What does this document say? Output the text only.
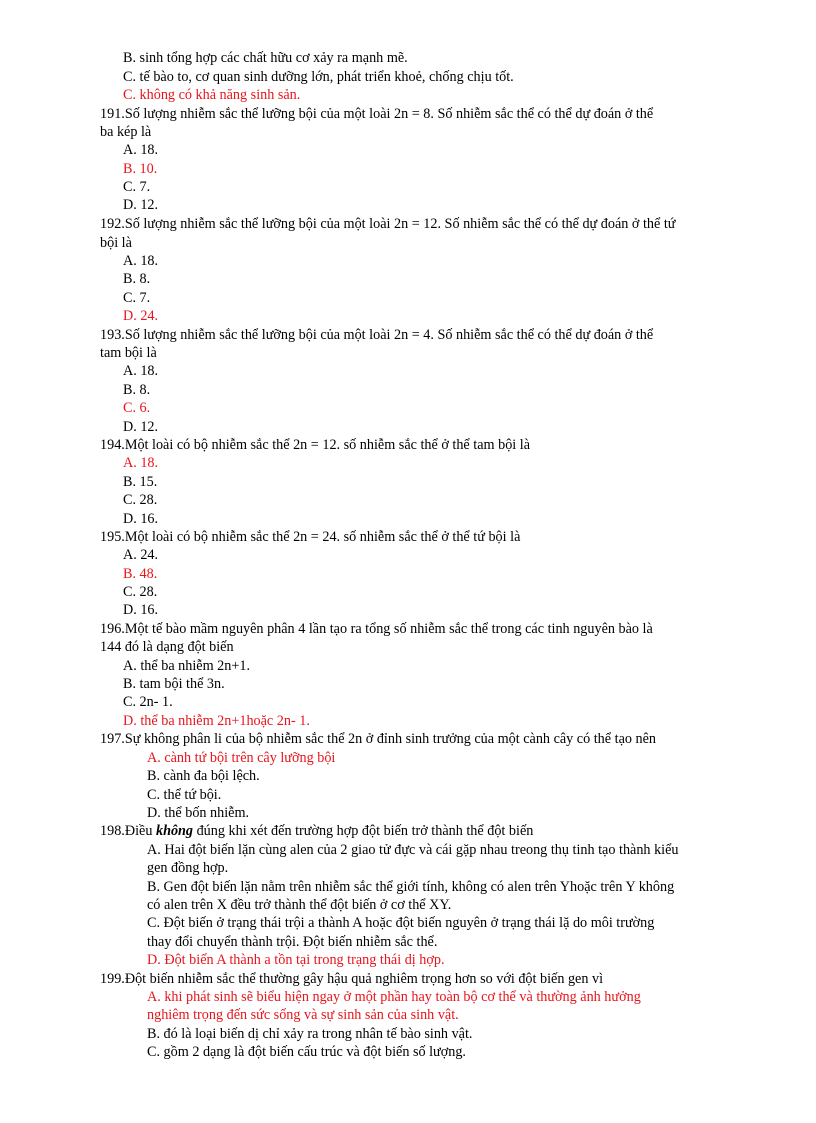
B. sinh tổng hợp các chất hữu cơ xảy ra mạnh mẽ.
C. tế bào to, cơ quan sinh dưỡng lớn, phát triển khoẻ, chống chịu tốt.
C. không có khả năng sinh sản.
191.Số lượng nhiễm sắc thể lưỡng bội của một loài 2n = 8. Số nhiễm sắc thể có thể dự đoán ở thể
ba kép là
A. 18.
B. 10.
C. 7.
D. 12.
192.Số lượng nhiễm sắc thể lưỡng bội của một loài 2n = 12. Số nhiễm sắc thể có thể dự đoán ở thể tứ
bội là
A. 18.
B. 8.
C. 7.
D. 24.
193.Số lượng nhiễm sắc thể lưỡng bội của một loài 2n = 4. Số nhiễm sắc thể có thể dự đoán ở thể
tam bội là
A. 18.
B. 8.
C. 6.
D. 12.
194.Một loài có bộ nhiễm sắc thể 2n = 12. số nhiễm sắc thể ở thể tam bội là
A. 18.
B. 15.
C. 28.
D. 16.
195.Một loài có bộ nhiễm sắc thể 2n = 24. số nhiễm sắc thể ở thể tứ bội là
A. 24.
B. 48.
C. 28.
D. 16.
196.Một tế bào mầm nguyên phân 4 lần tạo ra tổng số nhiễm sắc thể trong các tinh nguyên bào là
144 đó là dạng đột biến
A. thể ba nhiễm 2n+1.
B. tam bội thể 3n.
C. 2n- 1.
D. thể ba nhiễm 2n+1hoặc 2n- 1.
197.Sự không phân li của bộ nhiễm sắc thể 2n ở đỉnh sinh trưởng của một cành cây có thể tạo nên
A. cành tứ bội trên cây lưỡng bội
B. cành đa bội lệch.
C. thể tứ bội.
D. thể bốn nhiễm.
198.Điều không đúng khi xét đến trường hợp đột biến trở thành thể đột biến
A. Hai đột biến lặn cùng alen của 2 giao tử đực và cái gặp nhau treong thụ tinh tạo thành kiểu
gen đồng hợp.
B. Gen đột biến lặn nằm trên nhiễm sắc thể giới tính, không có alen trên Yhoặc trên Y không
có alen trên X đều trở thành thể đột biến ở cơ thể XY.
C. Đột biến ở trạng thái trội a thành A hoặc đột biến nguyên ở trạng thái lặ do môi trường
thay đổi chuyển thành trội. Đột biến nhiễm sắc thể.
D. Đột biến A thành a tồn tại trong trạng thái dị hợp.
199.Đột biến nhiễm sắc thể thường gây hậu quả nghiêm trọng hơn so với đột biến gen vì
A. khi phát sinh sẽ biểu hiện ngay ở một phần hay toàn bộ cơ thể và thường ảnh hưởng
nghiêm trọng đến sức sống và sự sinh sản của sinh vật.
B. đó là loại biến dị chỉ xảy ra trong nhân tế bào sinh vật.
C. gồm 2 dạng là đột biến cấu trúc và đột biến số lượng.
